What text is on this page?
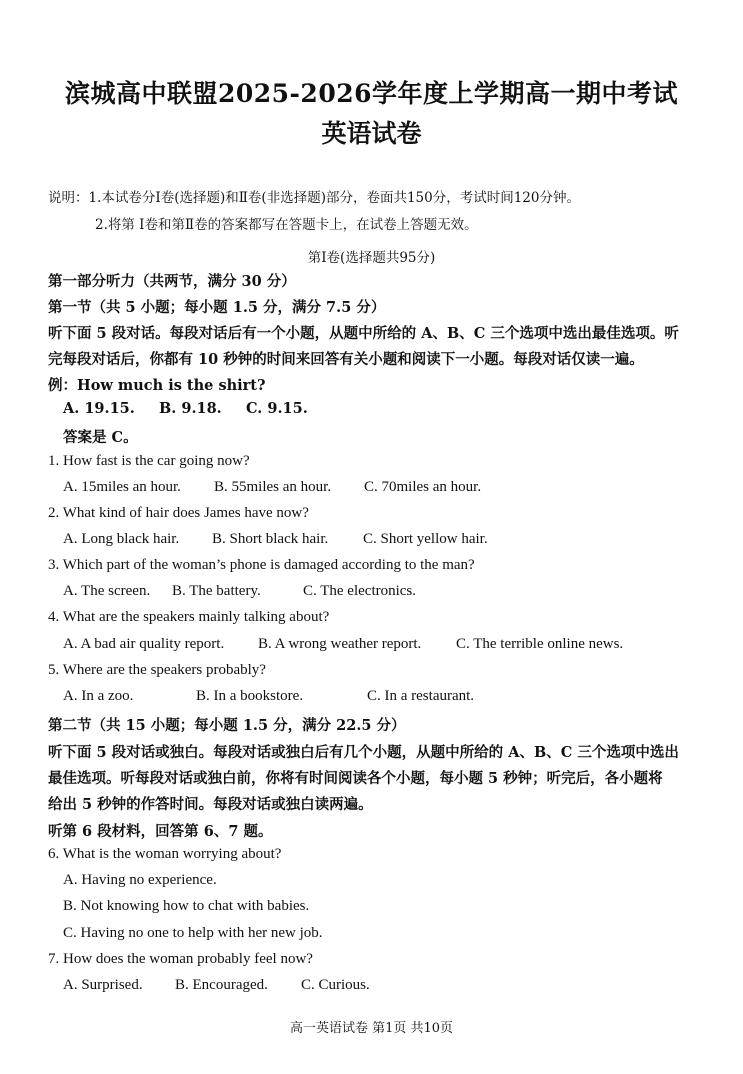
滨城高中联盟2025-2026学年度上学期高一期中考试
英语试卷
说明：1.本试卷分Ⅰ卷(选择题)和Ⅱ卷(非选择题)部分，卷面共150分，考试时间120分钟。
2.将第 Ⅰ卷和第Ⅱ卷的答案都写在答题卡上，在试卷上答题无效。
第Ⅰ卷(选择题共95分)
第一部分听力（共两节，满分 30 分）
第一节（共 5 小题；每小题 1.5 分，满分 7.5 分）
听下面 5 段对话。每段对话后有一个小题，从题中所给的 A、B、C 三个选项中选出最佳选项。听
完每段对话后，你都有 10 秒钟的时间来回答有关小题和阅读下一小题。每段对话仅读一遍。
例：How much is the shirt?
A. 19.15. B. 9.18. C. 9.15.
答案是 C。
1. How fast is the car going now?
A. 15miles an hour. B. 55miles an hour. C. 70miles an hour.
2. What kind of hair does James have now?
A. Long black hair. B. Short black hair. C. Short yellow hair.
3. Which part of the woman’s phone is damaged according to the man?
A. The screen. B. The battery.	C. The electronics.
4. What are the speakers mainly talking about?
A. A bad air quality report. B. A wrong weather report. C. The terrible online news.
5. Where are the speakers probably?
A. In a zoo.	B. In a bookstore.	C. In a restaurant.
第二节（共 15 小题；每小题 1.5 分，满分 22.5 分）
听下面 5 段对话或独白。每段对话或独白后有几个小题，从题中所给的 A、B、C 三个选项中选出
最佳选项。听每段对话或独白前，你将有时间阅读各个小题，每小题 5 秒钟；听完后，各小题将
给出 5 秒钟的作答时间。每段对话或独白读两遍。
听第 6 段材料，回答第 6、7 题。
6. What is the woman worrying about?
A. Having no experience.
B. Not knowing how to chat with babies.
C. Having no one to help with her new job.
7. How does the woman probably feel now?
A. Surprised. B. Encouraged. C. Curious.
高一英语试卷 第1页 共10页
